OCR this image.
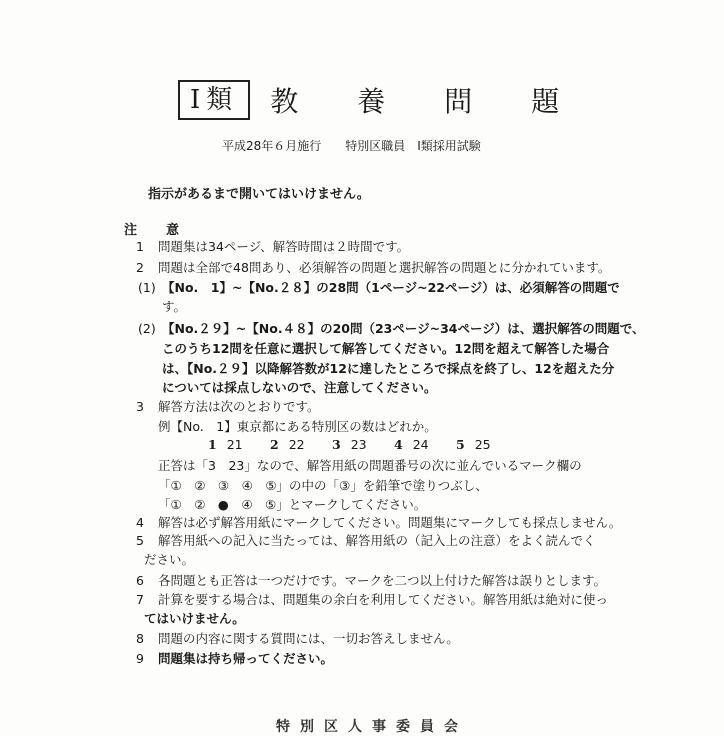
Ⅰ類	教	養	問	題
平成28年６月施行　　特別区職員　Ⅰ類採用試験
指示があるまで開いてはいけません。
注　意
1 問題集は34ページ、解答時間は２時間です。
2 問題は全部で48問あり、必須解答の問題と選択解答の問題とに分かれています。
(1) 【No.　1】~【No.２８】の28問（1ページ~22ページ）は、必須解答の問題で
す。
(2) 【No.２９】~【No.４８】の20問（23ページ~34ページ）は、選択解答の問題で、
このうち12問を任意に選択して解答してください。12問を超えて解答した場合
は、【No.２９】以降解答数が12に達したところで採点を終了し、12を超えた分
については採点しないので、注意してください。
3 解答方法は次のとおりです。
例【No.　1】東京都にある特別区の数はどれか。
1 21	2 22	3 23	4 24	5 25
正答は「3　23」なので、解答用紙の問題番号の次に並んでいるマーク欄の
「①　②　③　④　⑤」の中の「③」を鉛筆で塗りつぶし、
「①　②　●　④　⑤」とマークしてください。
4 解答は必ず解答用紙にマークしてください。問題集にマークしても採点しません。
5 解答用紙への記入に当たっては、解答用紙の（記入上の注意）をよく読んでく
ださい。
6 各問題とも正答は一つだけです。マークを二つ以上付けた解答は誤りとします。
7 計算を要する場合は、問題集の余白を利用してください。解答用紙は絶対に使っ
てはいけません。
8 問題の内容に関する質問には、一切お答えしません。
9 問題集は持ち帰ってください。
特別区人事委員会
